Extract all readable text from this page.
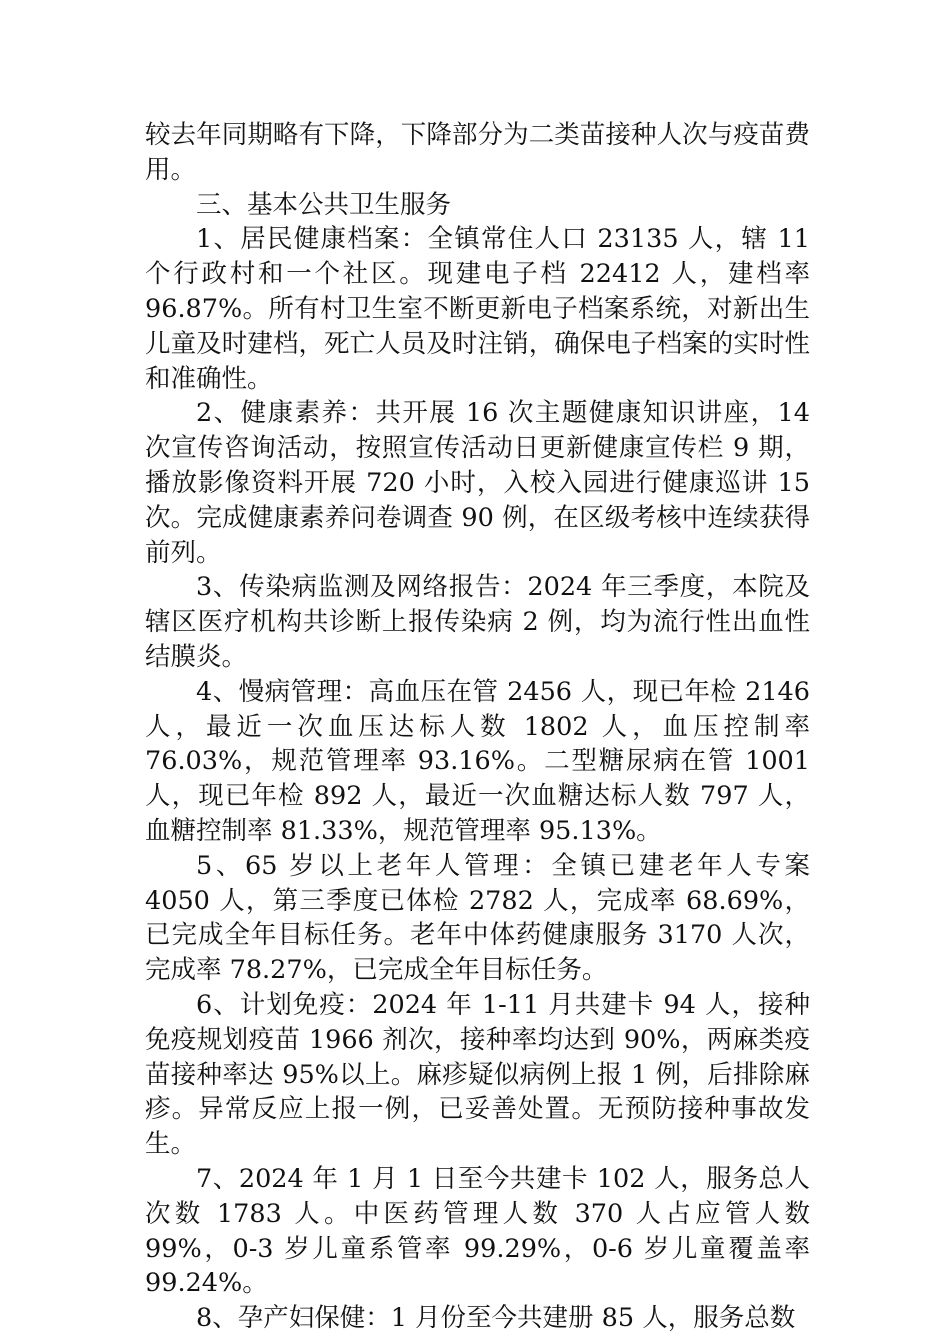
较去年同期略有下降，下降部分为二类苗接种人次与疫苗费用。

三、基本公共卫生服务

1、居民健康档案：全镇常住人口 23135 人，辖 11 个行政村和一个社区。现建电子档 22412 人，建档率 96.87%。所有村卫生室不断更新电子档案系统，对新出生儿童及时建档，死亡人员及时注销，确保电子档案的实时性和准确性。

2、健康素养：共开展 16 次主题健康知识讲座，14 次宣传咨询活动，按照宣传活动日更新健康宣传栏 9 期，播放影像资料开展 720 小时，入校入园进行健康巡讲 15 次。完成健康素养问卷调查 90 例，在区级考核中连续获得前列。

3、传染病监测及网络报告：2024 年三季度，本院及辖区医疗机构共诊断上报传染病 2 例，均为流行性出血性结膜炎。

4、慢病管理：高血压在管 2456 人，现已年检 2146 人，最近一次血压达标人数 1802 人，血压控制率 76.03%，规范管理率 93.16%。二型糖尿病在管 1001 人，现已年检 892 人，最近一次血糖达标人数 797 人，血糖控制率 81.33%，规范管理率 95.13%。

5、65 岁以上老年人管理：全镇已建老年人专案 4050 人，第三季度已体检 2782 人，完成率 68.69%，已完成全年目标任务。老年中体药健康服务 3170 人次，完成率 78.27%，已完成全年目标任务。

6、计划免疫：2024 年 1-11 月共建卡 94 人，接种免疫规划疫苗 1966 剂次，接种率均达到 90%，两麻类疫苗接种率达 95%以上。麻疹疑似病例上报 1 例，后排除麻疹。异常反应上报一例，已妥善处置。无预防接种事故发生。

7、2024 年 1 月 1 日至今共建卡 102 人，服务总人次数 1783 人。中医药管理人数 370 人占应管人数 99%，0-3 岁儿童系管率 99.29%，0-6 岁儿童覆盖率 99.24%。

8、孕产妇保健：1 月份至今共建册 85 人，服务总数
